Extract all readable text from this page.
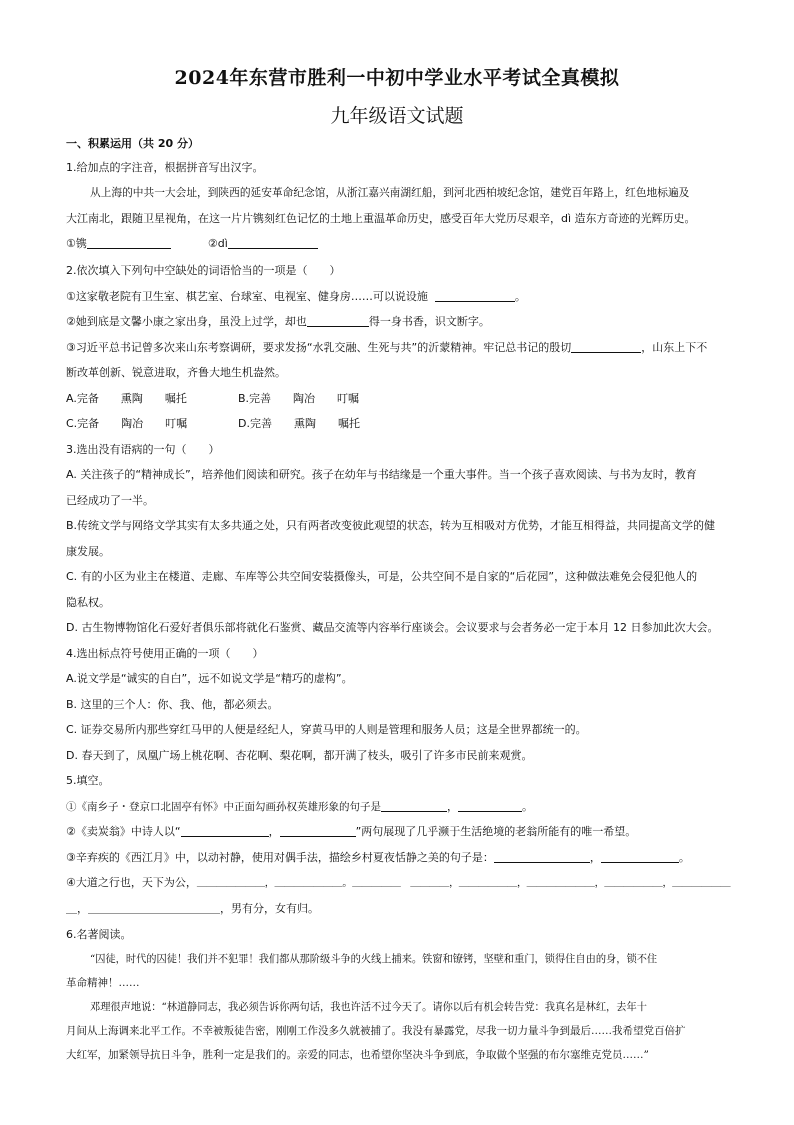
2024年东营市胜利一中初中学业水平考试全真模拟
九年级语文试题
一、积累运用（共 20 分）
1.给加点的字注音，根据拼音写出汉字。
从上海的中共一大会址，到陕西的延安革命纪念馆，从浙江嘉兴南湖红船，到河北西柏坡纪念馆，建党百年路上，红色地标遍及
大江南北，跟随卫星视角，在这一片片镌刻红色记忆的土地上重温革命历史，感受百年大党历尽艰辛，dì 造东方奇迹的光辉历史。
①镌	②dì
2.依次填入下列句中空缺处的词语恰当的一项是（　　）
①这家敬老院有卫生室、棋艺室、台球室、电视室、健身房……可以说设施	。
②她到底是文馨小康之家出身，虽没上过学，却也	得一身书香，识文断字。
③习近平总书记曾多次来山东考察调研，要求发扬“水乳交融、生死与共”的沂蒙精神。牢记总书记的殷切	，山东上下不
断改革创新、锐意进取，齐鲁大地生机盎然。
A.完备　　熏陶　　嘱托	B.完善　　陶冶　　叮嘱
C.完备　　陶冶　　叮嘱	D.完善　　熏陶　　嘱托
3.选出没有语病的一句（　　）
A. 关注孩子的“精神成长”，培养他们阅读和研究。孩子在幼年与书结缘是一个重大事件。当一个孩子喜欢阅读、与书为友时，教育
已经成功了一半。
B.传统文学与网络文学其实有太多共通之处，只有两者改变彼此观望的状态，转为互相吸对方优势，才能互相得益，共同提高文学的健
康发展。
C. 有的小区为业主在楼道、走廊、车库等公共空间安装摄像头，可是，公共空间不是自家的“后花园”，这种做法难免会侵犯他人的
隐私权。
D. 古生物博物馆化石爱好者俱乐部将就化石鉴赏、藏品交流等内容举行座谈会。会议要求与会者务必一定于本月 12 日参加此次大会。
4.选出标点符号使用正确的一项（　　）
A.说文学是“诚实的自白”，远不如说文学是“精巧的虚构”。
B. 这里的三个人：你、我、他，都必须去。
C. 证券交易所内那些穿红马甲的人便是经纪人，穿黄马甲的人则是管理和服务人员；这是全世界都统一的。
D. 春天到了，凤凰广场上桃花啊、杏花啊、梨花啊，都开满了枝头，吸引了许多市民前来观赏。
5.填空。
①《南乡子・登京口北固亭有怀》中正面勾画孙权英雄形象的句子是	，	。
②《卖炭翁》中诗人以“	，	”两句展现了几乎濒于生活绝境的老翁所能有的唯一希望。
③辛弃疾的《西江月》中，以动衬静，使用对偶手法，描绘乡村夏夜恬静之美的句子是：	，	。
④大道之行也，天下为公，＿＿＿＿＿＿＿，＿＿＿＿＿＿＿。＿＿＿＿＿　＿＿＿＿，＿＿＿＿＿＿，＿＿＿＿＿＿＿，＿＿＿＿＿＿，＿＿＿＿＿＿
＿，＿＿＿＿＿＿＿＿＿＿＿＿，男有分，女有归。
6.名著阅读。
“囚徒，时代的囚徒！我们并不犯罪！我们都从那阶级斗争的火线上捕来。铁窗和镣铐，坚壁和重门，锁得住自由的身，锁不住
革命精神！……
邓理很声地说：“林道静同志，我必须告诉你两句话，我也许活不过今天了。请你以后有机会转告党：我真名是林红，去年十
月间从上海调来北平工作。不幸被叛徒告密，刚刚工作没多久就被捕了。我没有暴露党，尽我一切力量斗争到最后……我希望党百倍扩
大红军，加紧领导抗日斗争，胜利一定是我们的。亲爱的同志，也希望你坚决斗争到底，争取做个坚强的布尔塞维克党员……”
